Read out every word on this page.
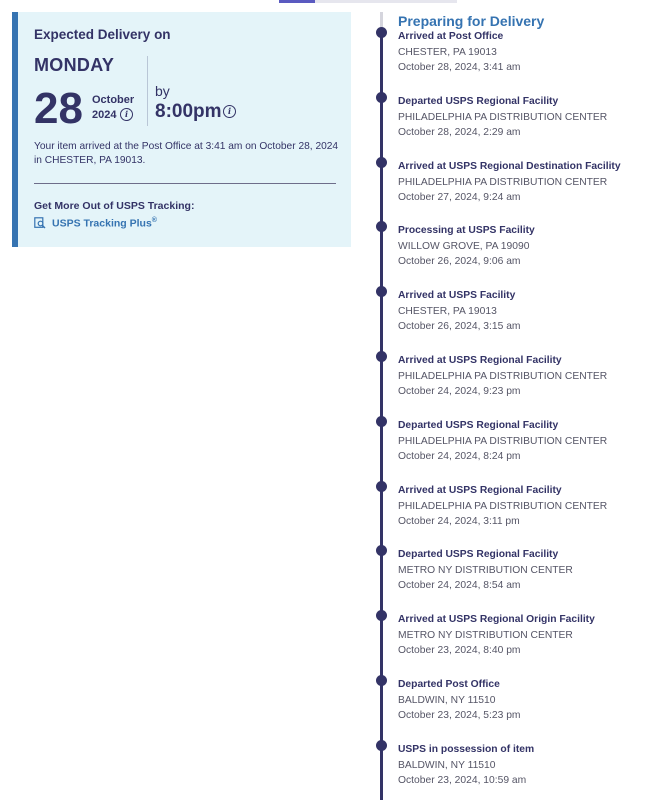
Expected Delivery on
MONDAY
28 October
2024	i
by
8:00pm i
Your item arrived at the Post Office at 3:41 am on October 28, 2024 in CHESTER, PA 19013.
Get More Out of USPS Tracking:
USPS Tracking Plus®
Preparing for Delivery
Arrived at Post Office
CHESTER, PA 19013
October 28, 2024, 3:41 am
Departed USPS Regional Facility
PHILADELPHIA PA DISTRIBUTION CENTER
October 28, 2024, 2:29 am
Arrived at USPS Regional Destination Facility
PHILADELPHIA PA DISTRIBUTION CENTER
October 27, 2024, 9:24 am
Processing at USPS Facility
WILLOW GROVE, PA 19090
October 26, 2024, 9:06 am
Arrived at USPS Facility
CHESTER, PA 19013
October 26, 2024, 3:15 am
Arrived at USPS Regional Facility
PHILADELPHIA PA DISTRIBUTION CENTER
October 24, 2024, 9:23 pm
Departed USPS Regional Facility
PHILADELPHIA PA DISTRIBUTION CENTER
October 24, 2024, 8:24 pm
Arrived at USPS Regional Facility
PHILADELPHIA PA DISTRIBUTION CENTER
October 24, 2024, 3:11 pm
Departed USPS Regional Facility
METRO NY DISTRIBUTION CENTER
October 24, 2024, 8:54 am
Arrived at USPS Regional Origin Facility
METRO NY DISTRIBUTION CENTER
October 23, 2024, 8:40 pm
Departed Post Office
BALDWIN, NY 11510
October 23, 2024, 5:23 pm
USPS in possession of item
BALDWIN, NY 11510
October 23, 2024, 10:59 am
